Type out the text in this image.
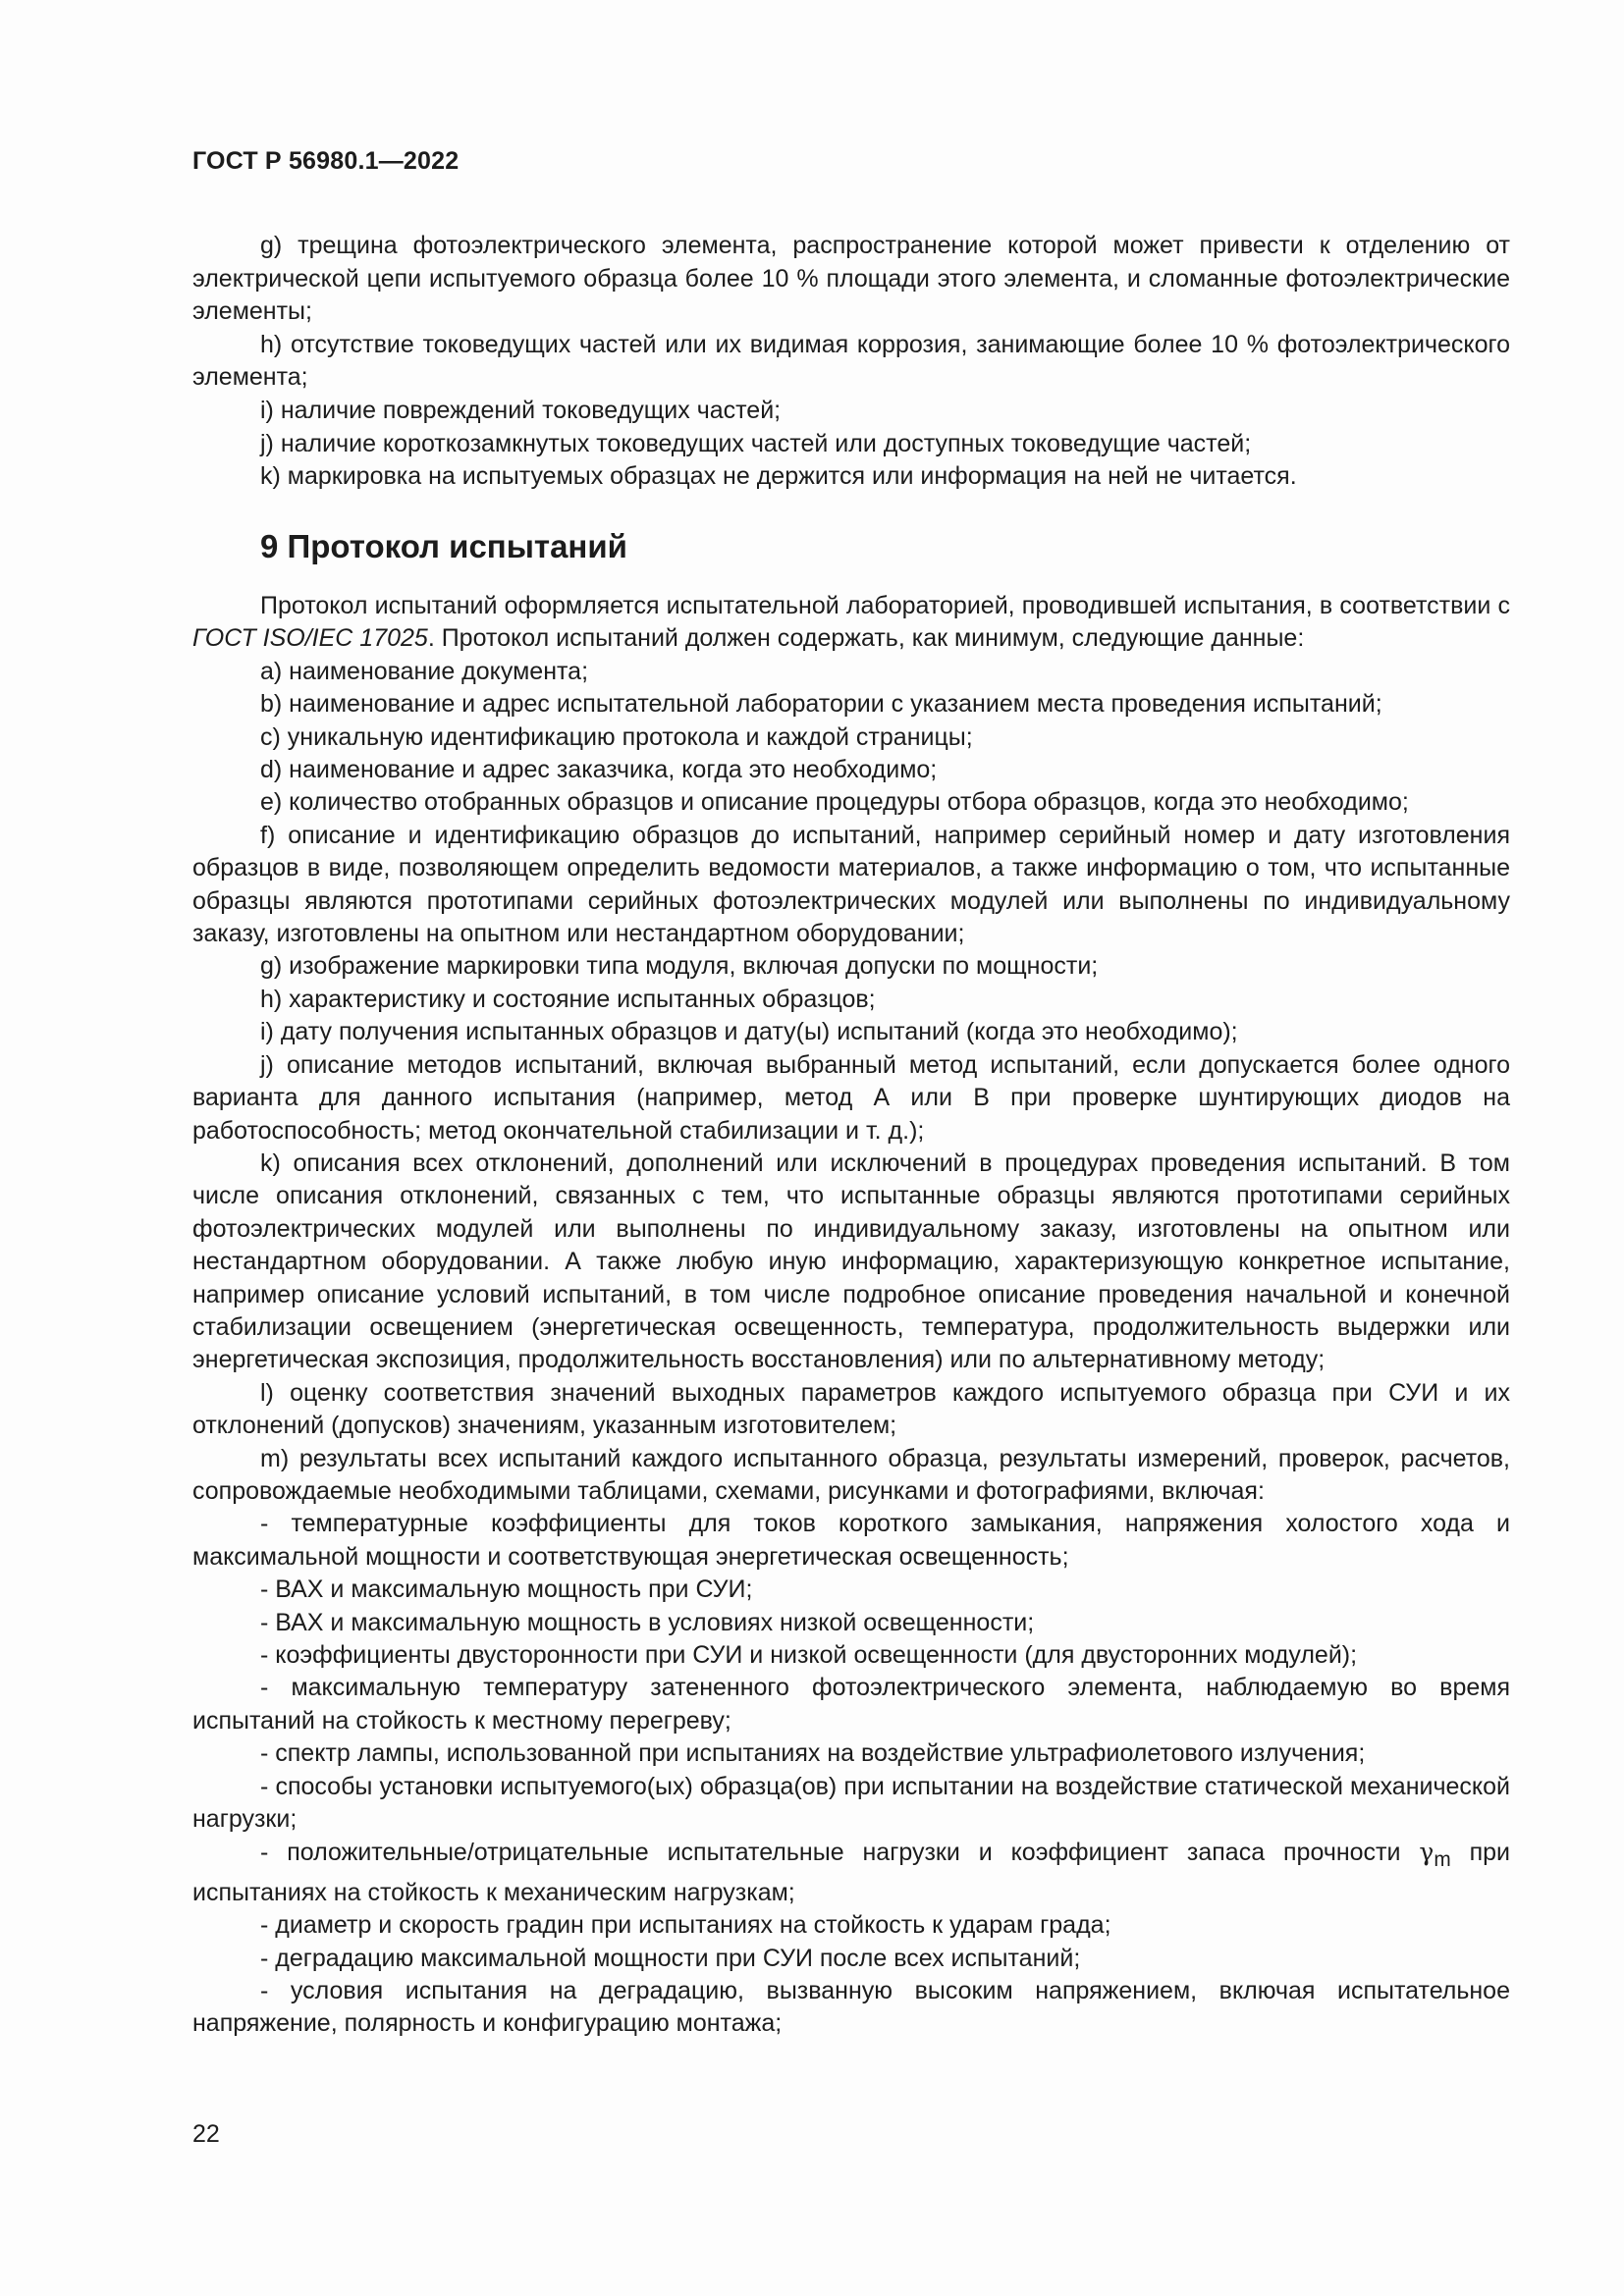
ГОСТ Р 56980.1—2022

g) трещина фотоэлектрического элемента, распространение которой может привести к отделению от электрической цепи испытуемого образца более 10 % площади этого элемента, и сломанные фотоэлектрические элементы;

h) отсутствие токоведущих частей или их видимая коррозия, занимающие более 10 % фотоэлектрического элемента;

i) наличие повреждений токоведущих частей;

j) наличие короткозамкнутых токоведущих частей или доступных токоведущие частей;

k) маркировка на испытуемых образцах не держится или информация на ней не читается.

9 Протокол испытаний

Протокол испытаний оформляется испытательной лабораторией, проводившей испытания, в соответствии с ГОСТ ISO/IEC 17025. Протокол испытаний должен содержать, как минимум, следующие данные:

a) наименование документа;

b) наименование и адрес испытательной лаборатории с указанием места проведения испытаний;

c) уникальную идентификацию протокола и каждой страницы;

d) наименование и адрес заказчика, когда это необходимо;

e) количество отобранных образцов и описание процедуры отбора образцов, когда это необходимо;

f) описание и идентификацию образцов до испытаний, например серийный номер и дату изготовления образцов в виде, позволяющем определить ведомости материалов, а также информацию о том, что испытанные образцы являются прототипами серийных фотоэлектрических модулей или выполнены по индивидуальному заказу, изготовлены на опытном или нестандартном оборудовании;

g) изображение маркировки типа модуля, включая допуски по мощности;

h) характеристику и состояние испытанных образцов;

i) дату получения испытанных образцов и дату(ы) испытаний (когда это необходимо);

j) описание методов испытаний, включая выбранный метод испытаний, если допускается более одного варианта для данного испытания (например, метод А или В при проверке шунтирующих диодов на работоспособность; метод окончательной стабилизации и т. д.);

k) описания всех отклонений, дополнений или исключений в процедурах проведения испытаний. В том числе описания отклонений, связанных с тем, что испытанные образцы являются прототипами серийных фотоэлектрических модулей или выполнены по индивидуальному заказу, изготовлены на опытном или нестандартном оборудовании. А также любую иную информацию, характеризующую конкретное испытание, например описание условий испытаний, в том числе подробное описание проведения начальной и конечной стабилизации освещением (энергетическая освещенность, температура, продолжительность выдержки или энергетическая экспозиция, продолжительность восстановления) или по альтернативному методу;

l) оценку соответствия значений выходных параметров каждого испытуемого образца при СУИ и их отклонений (допусков) значениям, указанным изготовителем;

m) результаты всех испытаний каждого испытанного образца, результаты измерений, проверок, расчетов, сопровождаемые необходимыми таблицами, схемами, рисунками и фотографиями, включая:

- температурные коэффициенты для токов короткого замыкания, напряжения холостого хода и максимальной мощности и соответствующая энергетическая освещенность;

- ВАХ и максимальную мощность при СУИ;

- ВАХ и максимальную мощность в условиях низкой освещенности;

- коэффициенты двусторонности при СУИ и низкой освещенности (для двусторонних модулей);

- максимальную температуру затененного фотоэлектрического элемента, наблюдаемую во время испытаний на стойкость к местному перегреву;

- спектр лампы, использованной при испытаниях на воздействие ультрафиолетового излучения;

- способы установки испытуемого(ых) образца(ов) при испытании на воздействие статической механической нагрузки;

- положительные/отрицательные испытательные нагрузки и коэффициент запаса прочности $\gamma_m$ при испытаниях на стойкость к механическим нагрузкам;

- диаметр и скорость градин при испытаниях на стойкость к ударам града;

- деградацию максимальной мощности при СУИ после всех испытаний;

- условия испытания на деградацию, вызванную высоким напряжением, включая испытательное напряжение, полярность и конфигурацию монтажа;

22
